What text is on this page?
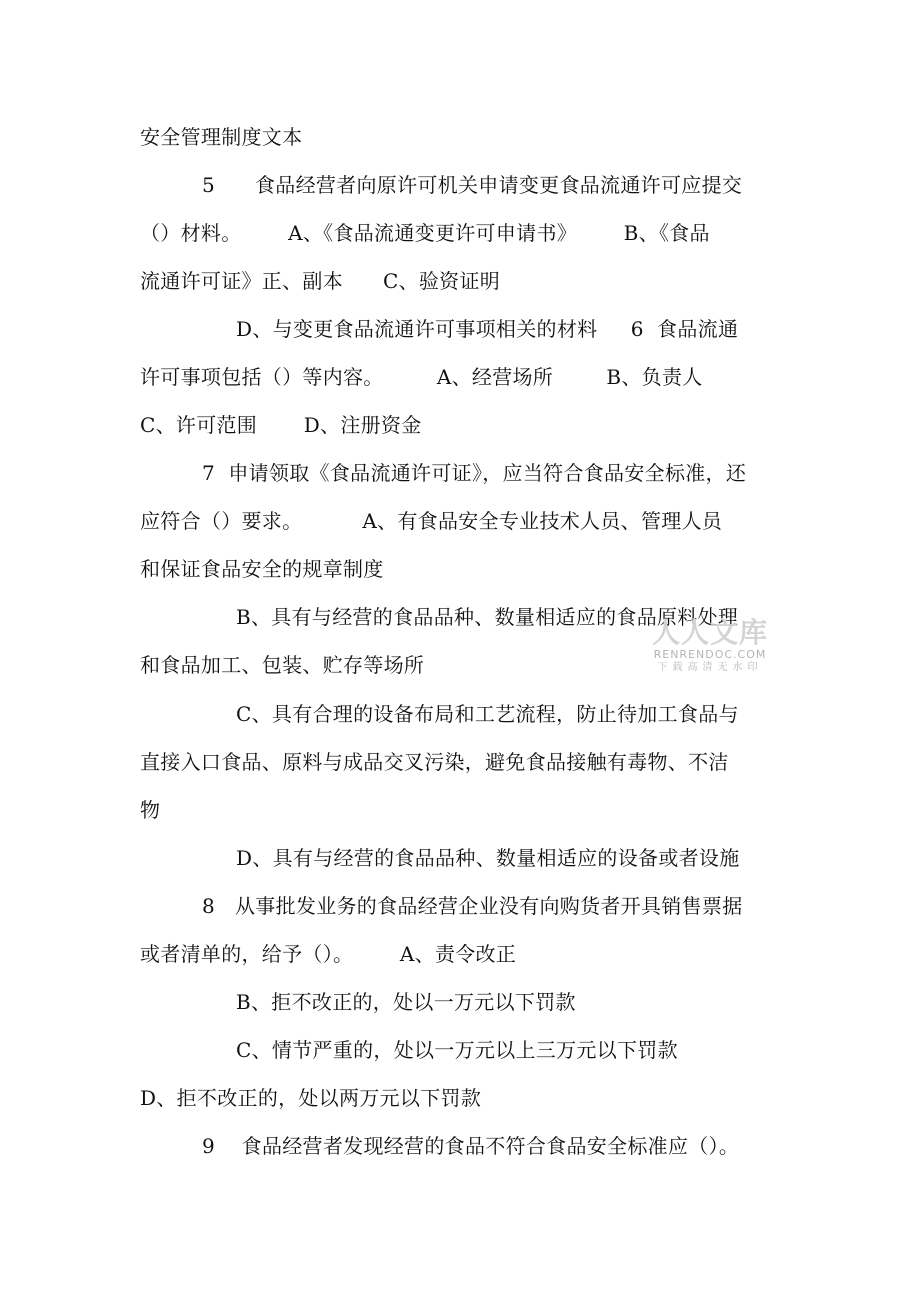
安全管理制度文本
5      食品经营者向原许可机关申请变更食品流通许可应提交
（）材料。       A、《食品流通变更许可申请书》       B、《食品
流通许可证》正、副本      C、验资证明
D、与变更食品流通许可事项相关的材料     6  食品流通
许可事项包括（）等内容。        A、经营场所        B、负责人
C、许可范围       D、注册资金
7  申请领取《食品流通许可证》，应当符合食品安全标准，还
应符合（）要求。         A、有食品安全专业技术人员、管理人员
和保证食品安全的规章制度
B、具有与经营的食品品种、数量相适应的食品原料处理
和食品加工、包装、贮存等场所
C、具有合理的设备布局和工艺流程，防止待加工食品与
直接入口食品、原料与成品交叉污染，避免食品接触有毒物、不洁
物
D、具有与经营的食品品种、数量相适应的设备或者设施
8   从事批发业务的食品经营企业没有向购货者开具销售票据
或者清单的，给予（）。       A、责令改正
B、拒不改正的，处以一万元以下罚款
C、情节严重的，处以一万元以上三万元以下罚款
D、拒不改正的，处以两万元以下罚款
9    食品经营者发现经营的食品不符合食品安全标准应（）。
人人文库
RENRENDOC.COM
下载高清无水印
